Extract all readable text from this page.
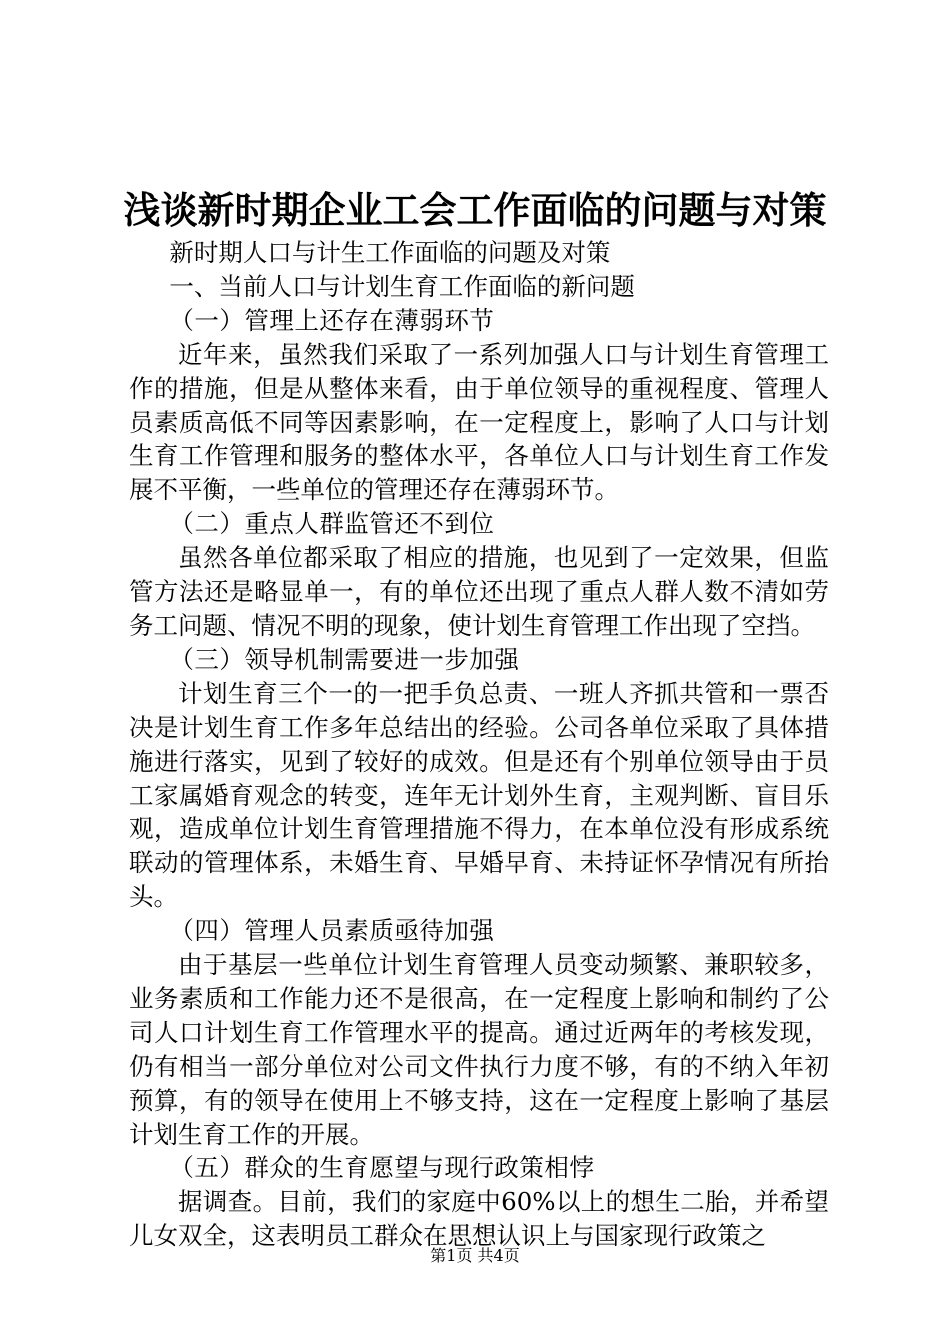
浅谈新时期企业工会工作面临的问题与对策

新时期人口与计生工作面临的问题及对策

一、当前人口与计划生育工作面临的新问题

（一）管理上还存在薄弱环节

近年来，虽然我们采取了一系列加强人口与计划生育管理工作的措施，但是从整体来看，由于单位领导的重视程度、管理人员素质高低不同等因素影响，在一定程度上，影响了人口与计划生育工作管理和服务的整体水平，各单位人口与计划生育工作发展不平衡，一些单位的管理还存在薄弱环节。

（二）重点人群监管还不到位

虽然各单位都采取了相应的措施，也见到了一定效果，但监管方法还是略显单一，有的单位还出现了重点人群人数不清如劳务工问题、情况不明的现象，使计划生育管理工作出现了空挡。

（三）领导机制需要进一步加强

计划生育三个一的一把手负总责、一班人齐抓共管和一票否决是计划生育工作多年总结出的经验。公司各单位采取了具体措施进行落实，见到了较好的成效。但是还有个别单位领导由于员工家属婚育观念的转变，连年无计划外生育，主观判断、盲目乐观，造成单位计划生育管理措施不得力，在本单位没有形成系统联动的管理体系，未婚生育、早婚早育、未持证怀孕情况有所抬头。

（四）管理人员素质亟待加强

由于基层一些单位计划生育管理人员变动频繁、兼职较多，业务素质和工作能力还不是很高，在一定程度上影响和制约了公司人口计划生育工作管理水平的提高。通过近两年的考核发现，仍有相当一部分单位对公司文件执行力度不够，有的不纳入年初预算，有的领导在使用上不够支持，这在一定程度上影响了基层计划生育工作的开展。

（五）群众的生育愿望与现行政策相悖

据调查。目前，我们的家庭中60%以上的想生二胎，并希望儿女双全，这表明员工群众在思想认识上与国家现行政策之

第1页 共4页
